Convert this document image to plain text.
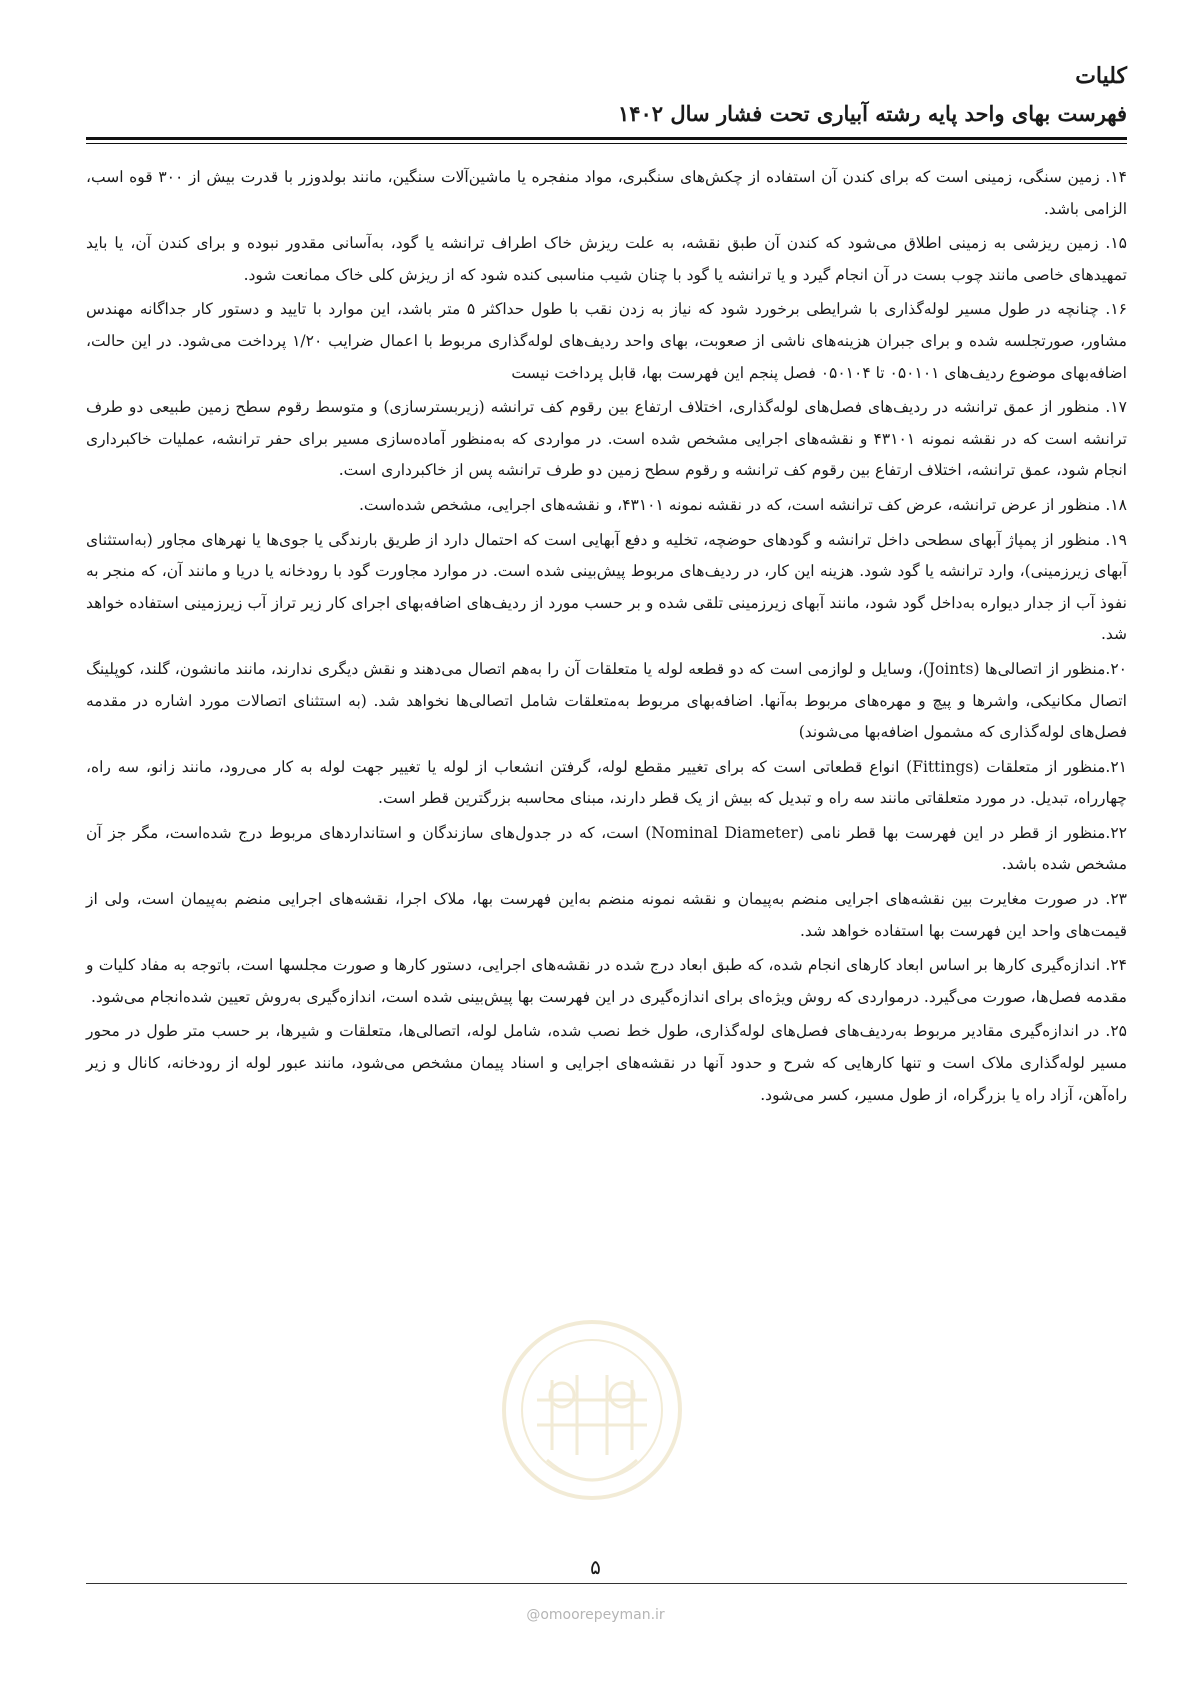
کلیات
فهرست بهای واحد پایه رشته آبیاری تحت فشار سال ۱۴۰۲

۱۴. زمین سنگی، زمینی است که برای کندن آن استفاده از چکش‌های سنگبری، مواد منفجره یا ماشین‌آلات سنگین، مانند بولدوزر با قدرت بیش از ۳۰۰ قوه اسب، الزامی باشد.

۱۵. زمین ریزشی به زمینی اطلاق می‌شود که کندن آن طبق نقشه، به علت ریزش خاک اطراف ترانشه یا گود، به‌آسانی مقدور نبوده و برای کندن آن، یا باید تمهیدهای خاصی مانند چوب بست در آن انجام گیرد و یا ترانشه یا گود با چنان شیب مناسبی کنده شود که از ریزش کلی خاک ممانعت شود.

۱۶. چنانچه در طول مسیر لوله‌گذاری با شرایطی برخورد شود که نیاز به زدن نقب با طول حداکثر ۵ متر باشد، این موارد با تایید و دستور کار جداگانه مهندس مشاور، صورتجلسه شده و برای جبران هزینه‌های ناشی از صعوبت، بهای واحد ردیف‌های لوله‌گذاری مربوط با اعمال ضرایب ۱/۲۰ پرداخت می‌شود. در این حالت، اضافه‌بهای موضوع ردیف‌های ۰۵۰۱۰۱ تا ۰۵۰۱۰۴ فصل پنجم این فهرست بها، قابل پرداخت نیست

۱۷. منظور از عمق ترانشه در ردیف‌های فصل‌های لوله‌گذاری، اختلاف ارتفاع بین رقوم کف ترانشه (زیربسترسازی) و متوسط رقوم سطح زمین طبیعی دو طرف ترانشه است که در نقشه نمونه ۴۳۱۰۱ و نقشه‌های اجرایی مشخص شده است. در مواردی که به‌منظور آماده‌سازی مسیر برای حفر ترانشه، عملیات خاکبرداری انجام شود، عمق ترانشه، اختلاف ارتفاع بین رقوم کف ترانشه و رقوم سطح زمین دو طرف ترانشه پس از خاکبرداری است.

۱۸. منظور از عرض ترانشه، عرض کف ترانشه است، که در نقشه نمونه ۴۳۱۰۱، و نقشه‌های اجرایی، مشخص شده‌است.

۱۹. منظور از پمپاژ آبهای سطحی داخل ترانشه و گودهای حوضچه، تخلیه و دفع آبهایی است که احتمال دارد از طریق بارندگی یا جوی‌ها یا نهرهای مجاور (به‌استثنای آبهای زیرزمینی)، وارد ترانشه یا گود شود. هزینه این کار، در ردیف‌های مربوط پیش‌بینی شده است. در موارد مجاورت گود با رودخانه یا دریا و مانند آن، که منجر به نفوذ آب از جدار دیواره به‌داخل گود شود، مانند آبهای زیرزمینی تلقی شده و بر حسب مورد از ردیف‌های اضافه‌بهای اجرای کار زیر تراز آب زیرزمینی استفاده خواهد شد.

۲۰.منظور از اتصالی‌ها (Joints)، وسایل و لوازمی است که دو قطعه لوله یا متعلقات آن را به‌هم اتصال می‌دهند و نقش دیگری ندارند، مانند مانشون، گلند، کوپلینگ اتصال مکانیکی، واشرها و پیچ و مهره‌های مربوط به‌آنها. اضافه‌بهای مربوط به‌متعلقات شامل اتصالی‌ها نخواهد شد. (به استثنای اتصالات مورد اشاره در مقدمه فصل‌های لوله‌گذاری که مشمول اضافه‌بها می‌شوند)

۲۱.منظور از متعلقات (Fittings) انواع قطعاتی است که برای تغییر مقطع لوله، گرفتن انشعاب از لوله یا تغییر جهت لوله به کار می‌رود، مانند زانو، سه راه، چهارراه، تبدیل. در مورد متعلقاتی مانند سه راه و تبدیل که بیش از یک قطر دارند، مبنای محاسبه بزرگترین قطر است.

۲۲.منظور از قطر در این فهرست بها قطر نامی (Nominal Diameter) است، که در جدول‌های سازندگان و استانداردهای مربوط درج شده‌است، مگر جز آن مشخص شده باشد.

۲۳. در صورت مغایرت بین نقشه‌های اجرایی منضم به‌پیمان و نقشه نمونه منضم به‌این فهرست بها، ملاک اجرا، نقشه‌های اجرایی منضم به‌پیمان است، ولی از قیمت‌های واحد این فهرست بها استفاده خواهد شد.

۲۴. اندازه‌گیری کارها بر اساس ابعاد کارهای انجام شده، که طبق ابعاد درج شده در نقشه‌های اجرایی، دستور کارها و صورت مجلسها است، باتوجه به مفاد کلیات و مقدمه فصل‌ها، صورت می‌گیرد. درمواردی که روش ویژه‌ای برای اندازه‌گیری در این فهرست بها پیش‌بینی شده است، اندازه‌گیری به‌روش تعیین شده‌انجام می‌شود.

۲۵. در اندازه‌گیری مقادیر مربوط به‌ردیف‌های فصل‌های لوله‌گذاری، طول خط نصب شده، شامل لوله، اتصالی‌ها، متعلقات و شیرها، بر حسب متر طول در محور مسیر لوله‌گذاری ملاک است و تنها کارهایی که شرح و حدود آنها در نقشه‌های اجرایی و اسناد پیمان مشخص می‌شود، مانند عبور لوله از رودخانه، کانال و زیر راه‌آهن، آزاد راه یا بزرگراه، از طول مسیر، کسر می‌شود.

۵
@omoorepeyman.ir
